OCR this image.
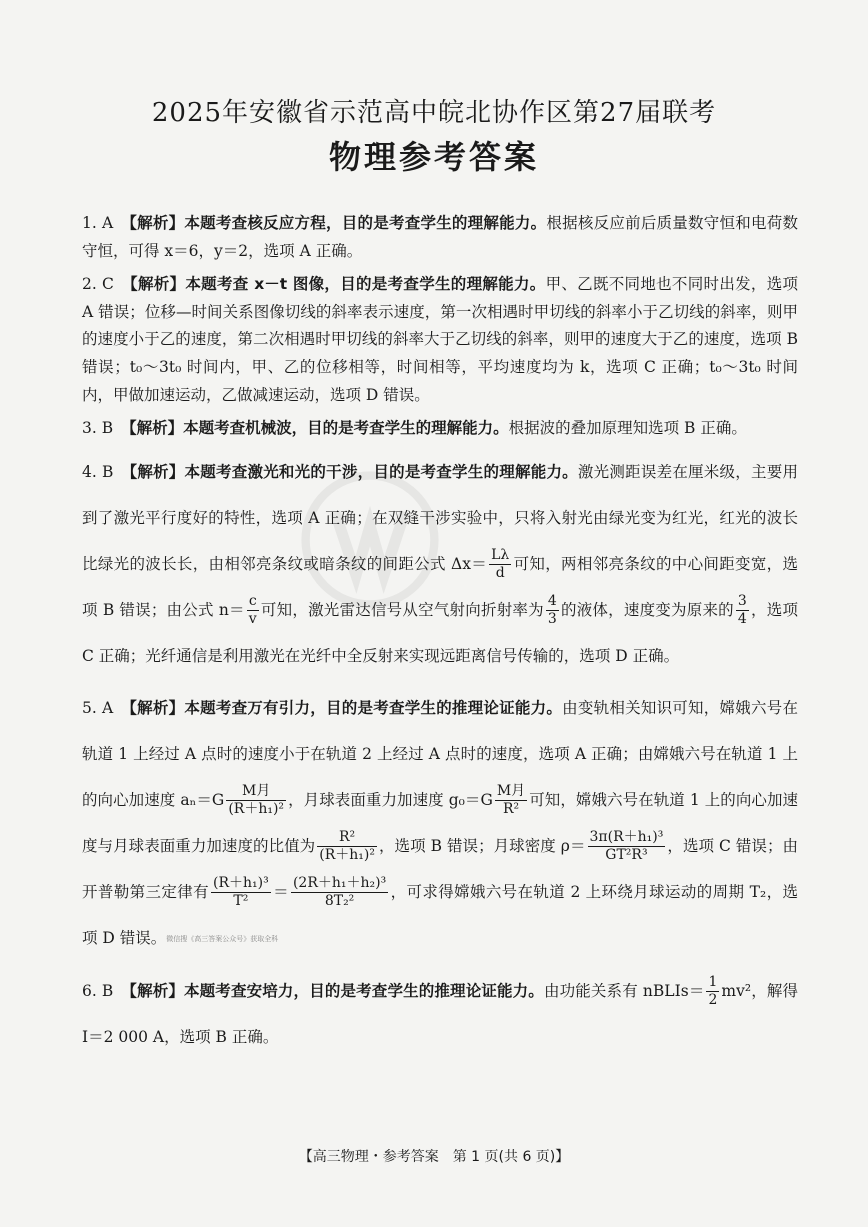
2025年安徽省示范高中皖北协作区第27届联考
物理参考答案

1. A 【解析】本题考查核反应方程，目的是考查学生的理解能力。根据核反应前后质量数守恒和电荷数守恒，可得 x＝6，y＝2，选项 A 正确。

2. C 【解析】本题考查 x－t 图像，目的是考查学生的理解能力。甲、乙既不同地也不同时出发，选项 A 错误；位移—时间关系图像切线的斜率表示速度，第一次相遇时甲切线的斜率小于乙切线的斜率，则甲的速度小于乙的速度，第二次相遇时甲切线的斜率大于乙切线的斜率，则甲的速度大于乙的速度，选项 B 错误；t₀～3t₀ 时间内，甲、乙的位移相等，时间相等，平均速度均为 k，选项 C 正确；t₀～3t₀ 时间内，甲做加速运动，乙做减速运动，选项 D 错误。

3. B 【解析】本题考查机械波，目的是考查学生的理解能力。根据波的叠加原理知选项 B 正确。

4. B 【解析】本题考查激光和光的干涉，目的是考查学生的理解能力。激光测距误差在厘米级，主要用到了激光平行度好的特性，选项 A 正确；在双缝干涉实验中，只将入射光由绿光变为红光，红光的波长比绿光的波长长，由相邻亮条纹或暗条纹的间距公式 $\Delta x= \frac{L\lambda}{d}$ 可知，两相邻亮条纹的中心间距变宽，选项 B 错误；由公式 $n= \frac{c}{v}$ 可知，激光雷达信号从空气射向折射率为 $\frac{4}{3}$ 的液体，速度变为原来的 $\frac{3}{4}$ ，选项 C 正确；光纤通信是利用激光在光纤中全反射来实现远距离信号传输的，选项 D 正确。

5. A 【解析】本题考查万有引力，目的是考查学生的推理论证能力。由变轨相关知识可知，嫦娥六号在轨道 1 上经过 A 点时的速度小于在轨道 2 上经过 A 点时的速度，选项 A 正确；由嫦娥六号在轨道 1 上的向心加速度 $a_n=G \frac{\text{M月}}{\text{(R＋h₁)²}}$ ，月球表面重力加速度 $g_0=G \frac{\text{M月}}{\text{R²}}$ 可知，嫦娥六号在轨道 1 上的向心加速度与月球表面重力加速度的比值为 $\frac{\text{R²}}{\text{(R＋h₁)²}}$ ，选项 B 错误；月球密度 $\rho= \frac{\text{3π(R＋h₁)³}}{\text{GT²R³}}$ ，选项 C 错误；由开普勒第三定律有 $\frac{\text{(R＋h₁)³}}{\text{T²}} = \frac{\text{(2R＋h₁＋h₂)³}}{\text{8T₂²}}$ ，可求得嫦娥六号在轨道 2 上环绕月球运动的周期 T₂，选项 D 错误。微信搜《高三答案公众号》获取全科

6. B 【解析】本题考查安培力，目的是考查学生的推理论证能力。由功能关系有 nBLIs＝ $\frac{1}{2} mv^2$，解得 I＝2 000 A，选项 B 正确。

【高三物理・参考答案　第 1 页(共 6 页)】
